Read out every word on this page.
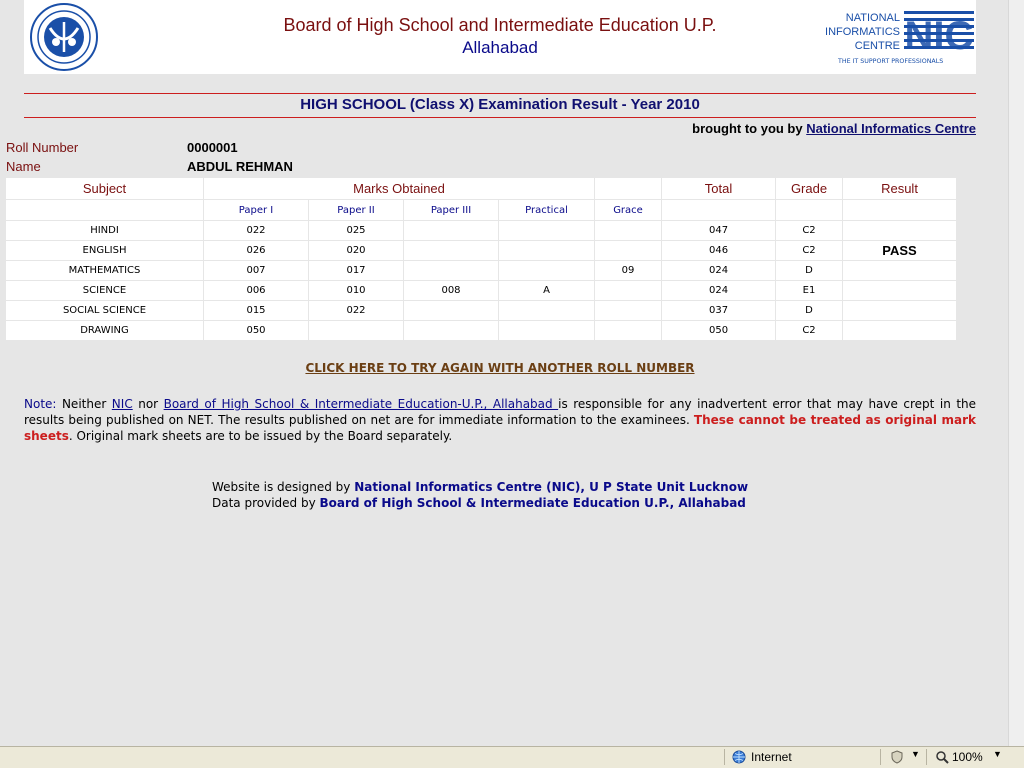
Board of High School and Intermediate Education U.P.
Allahabad
NATIONAL
INFORMATICS
CENTRE NIC
THE IT SUPPORT PROFESSIONALS
HIGH SCHOOL (Class X) Examination Result - Year 2010
brought to you by National Informatics Centre
Roll Number	0000001
Name	ABDUL REHMAN
Subject	Marks Obtained					Total	Grade	Result
	Paper I	Paper II	Paper III	Practical	Grace			
HINDI	022	025				047	C2	
ENGLISH	026	020				046	C2	PASS
MATHEMATICS	007	017			09	024	D	
SCIENCE	006	010	008	A		024	E1	
SOCIAL SCIENCE	015	022				037	D	
DRAWING	050					050	C2	
CLICK HERE TO TRY AGAIN WITH ANOTHER ROLL NUMBER
Note: Neither NIC nor Board of High School & Intermediate Education-U.P., Allahabad is responsible for any inadvertent error that may have crept in the results being published on NET. The results published on net are for immediate information to the examinees. These cannot be treated as original mark sheets. Original mark sheets are to be issued by the Board separately.
Website is designed by National Informatics Centre (NIC), U P State Unit Lucknow
Data provided by Board of High School & Intermediate Education U.P., Allahabad
Internet	▼	100% ▼
